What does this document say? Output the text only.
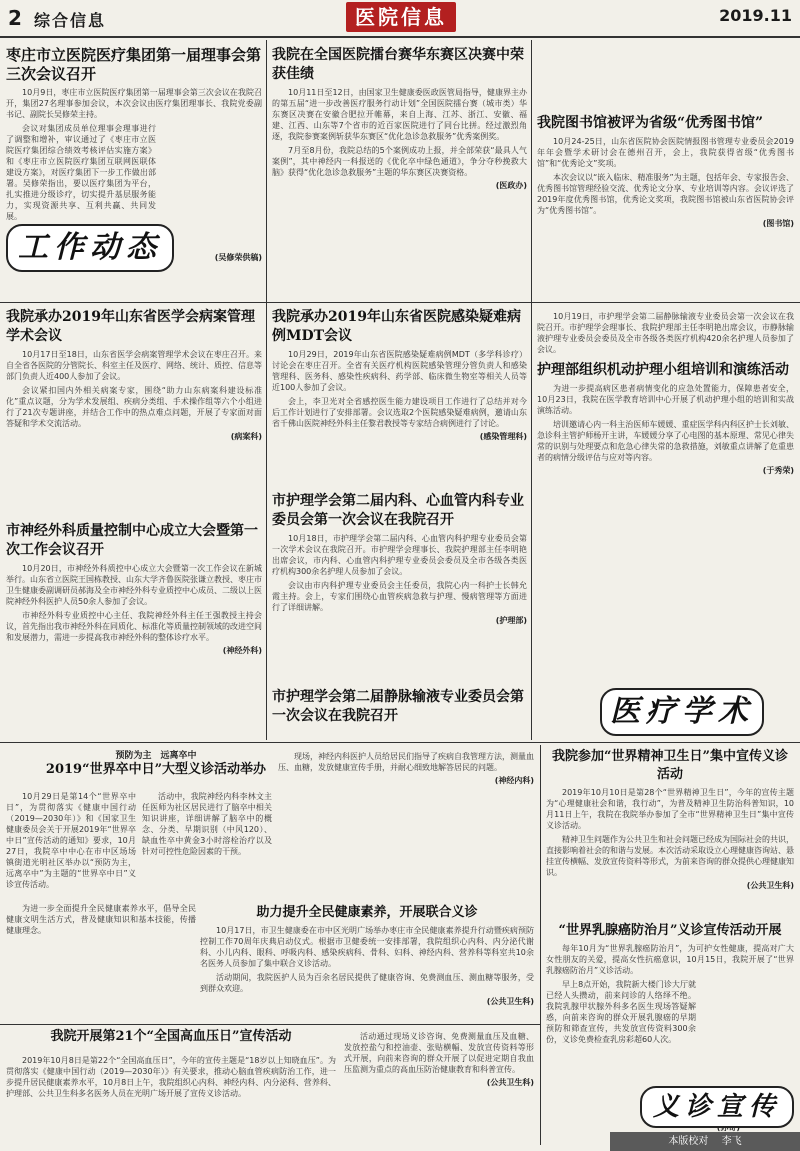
2 综合信息	医院信息	2019.11
枣庄市立医院医疗集团第一届理事会第三次会议召开

10月9日，枣庄市立医院医疗集团第一届理事会第三次会议在我院召开，集团27名理事参加会议，本次会议由医疗集团理事长、我院党委副书记、副院长吴修荣主持。

会议对集团成员单位理事会理事进行了调整和增补，审议通过了《枣庄市立医院医疗集团综合绩效考核评估实施方案》和《枣庄市立医院医疗集团互联网医联体建设方案》，对医疗集团下一步工作做出部署。吴修荣指出，要以医疗集团为平台，扎实推进分级诊疗，切实提升基层服务能力，实现资源共享、互利共赢、共同发展。

(吴修荣供稿)
工作动态
我院承办2019年山东省医学会病案管理学术会议

10月17日至18日，山东省医学会病案管理学术会议在枣庄召开。来自全省各医院的分管院长、科室主任及医疗、网络、统计、质控、信息等部门负责人近400人参加了会议。

会议紧扣国内外相关病案专家，围绕“助力山东病案科建设标准化”重点议题，分为学术发展组、疾病分类组、手术操作组等六个小组进行了21次专题讲座，并结合工作中的热点难点问题，开展了专家面对面答疑和学术交流活动。

(病案科)
市神经外科质量控制中心成立大会暨第一次工作会议召开

10月20日，市神经外科质控中心成立大会暨第一次工作会议在新城举行。山东省立医院王国栋教授、山东大学齐鲁医院张谦立教授、枣庄市卫生健康委副调研员郝海及全市神经外科专业质控中心成员、二级以上医院神经外科医护人员50余人参加了会议。

市神经外科专业质控中心主任、我院神经外科主任王强教授主持会议，首先指出我市神经外科在同质化、标准化等质量控制领域的改进空间和发展潜力，需进一步提高我市神经外科的整体诊疗水平。

(神经外科)
我院在全国医院擂台赛华东赛区决赛中荣获佳绩

10月11日至12日，由国家卫生健康委医政医管局指导，健康界主办的第五届“进一步改善医疗服务行动计划”全国医院擂台赛（城市类）华东赛区决赛在安徽合肥拉开帷幕，来自上海、江苏、浙江、安徽、福建、江西、山东等7个省市的近百家医院进行了同台比拼。经过激烈角逐，我院参赛案例斩获华东赛区“优化急诊急救服务”优秀案例奖。

7月至8月份，我院总结的5个案例成功上报，并全部荣获“最具人气案例”，其中神经内一科报送的《优化卒中绿色通道》，争分夺秒挽救大脑》获得“优化急诊急救服务”主题的华东赛区决赛资格。

(医政办)
我院承办2019年山东省医院感染疑难病例MDT会议

10月29日，2019年山东省医院感染疑难病例MDT（多学科诊疗）讨论会在枣庄召开。全省有关医疗机构医院感染管理分管负责人和感染管理科、医务科、感染性疾病科、药学部、临床微生物室等相关人员等近100人参加了会议。

会上，李卫光对全省感控医生能力建设项目工作进行了总结并对今后工作计划进行了安排部署。会议选取2个医院感染疑难病例，邀请山东省千佛山医院神经外科主任黎君教授等专家结合病例进行了讨论。

(感染管理科)
市护理学会第二届内科、心血管内科专业委员会第一次会议在我院召开

10月18日，市护理学会第二届内科、心血管内科护理专业委员会第一次学术会议在我院召开。市护理学会理事长、我院护理部主任李明艳出席会议，市内科、心血管内科护理专业委员会委员及全市各级各类医疗机构300余名护理人员参加了会议。

会议由市内科护理专业委员会主任委员，我院心内一科护士长韩允霞主持。会上，专家们围绕心血管疾病急救与护理、慢病管理等方面进行了详细讲解。

(护理部)
市护理学会第二届静脉输液专业委员会第一次会议在我院召开
我院图书馆被评为省级“优秀图书馆”

10月24-25日，山东省医院协会医院情报图书管理专业委员会2019年年会暨学术研讨会在德州召开，会上，我院获得省级“优秀图书馆”和“优秀论文”奖项。

本次会议以“嵌入临床、精准服务”为主题，包括年会、专家报告会、优秀图书馆管理经验交流、优秀论文分享、专业培训等内容。会议评选了2019年度优秀图书馆，优秀论文奖项，我院图书馆被山东省医院协会评为“优秀图书馆”。

(图书馆)

10月19日，市护理学会第二届静脉输液专业委员会第一次会议在我院召开。市护理学会理事长、我院护理部主任李明艳出席会议，市静脉输液护理专业委员会委员及全市各级各类医疗机构420余名护理人员参加了会议。

护理部组织机动护理小组培训和演练活动

为进一步提高病区患者病情变化的应急处置能力，保障患者安全，10月23日，我院在医学教育培训中心开展了机动护理小组的培训和实战演练活动。

培训邀请心内一科主治医师车媛媛、重症医学科内科区护士长刘敏、急诊科主管护师杨开主讲，车媛媛分享了心电图的基本原理、常见心律失常的识别与处理要点和危急心律失常的急救措施，刘敏重点讲解了危重患者的病情分级评估与应对等内容。

(于秀荣)
医疗学术
预防为主　远离卒中
2019“世界卒中日”大型义诊活动举办

10月29日是第14个“世界卒中日”，为贯彻落实《健康中国行动（2019—2030年）》和《国家卫生健康委员会关于开展2019年“世界卒中日”宣传活动的通知》要求，10月27日，我院卒中中心在市中区场场镇街道光明社区举办以“预防为主，远离卒中”为主题的“世界卒中日”义诊宣传活动。

活动中，我院神经内科李林文主任医师为社区居民进行了脑卒中相关知识讲座，详细讲解了脑卒中的概念、分类、早期识别（中风120）、缺血性卒中黄金3小时溶栓治疗以及针对可控性危险因素的干预。

现场，神经内科医护人员给居民们指导了疾病自我管理方法，测量血压、血糖，发放健康宣传手册，并耐心细致地解答居民的问题。

(神经内科)

为进一步全面提升全民健康素养水平，倡导全民健康文明生活方式，普及健康知识和基本技能，传播健康理念。

助力提升全民健康素养，开展联合义诊

10月17日，市卫生健康委在市中区光明广场举办枣庄市全民健康素养提升行动暨疾病预防控制工作70周年庆典启动仪式。根据市卫健委统一安排部署，我院组织心内科、内分泌代谢科、小儿内科、眼科、呼吸内科、感染疾病科、骨科、妇科、神经内科、营养科等科室共10余名医务人员参加了集中联合义诊活动。

活动期间，我院医护人员为百余名居民提供了健康咨询、免费测血压、测血糖等服务，受到群众欢迎。

(公共卫生科)
我院开展第21个“全国高血压日”宣传活动

2019年10月8日是第22个“全国高血压日”，今年的宣传主题是“18岁以上知晓血压”。为贯彻落实《健康中国行动（2019—2030年）》有关要求，推动心脑血管疾病防治工作，进一步提升居民健康素养水平，10月8日上午，我院组织心内科、神经内科、内分泌科、营养科、护理部、公共卫生科多名医务人员在光明广场开展了宣传义诊活动。

活动通过现场义诊咨询、免费测量血压及血糖、发放控盐勺和控油壶、张贴横幅、发放宣传资料等形式开展，向前来咨询的群众开展了以促进定期自我血压监测为重点的高血压防治健康教育和科普宣传。

(公共卫生科)
我院参加“世界精神卫生日”集中宣传义诊活动

2019年10月10日是第28个“世界精神卫生日”，今年的宣传主题为“心理健康社会和谐，我行动”，为普及精神卫生防治科普知识，10月11日上午，我院在我院举办参加了全市“世界精神卫生日”集中宣传义诊活动。

精神卫生问题作为公共卫生和社会问题已经成为国际社会的共识，直接影响着社会的和谐与发展。本次活动采取设立心理健康咨询站、悬挂宣传横幅、发放宣传资料等形式，为前来咨询的群众提供心理健康知识。

(公共卫生科)
“世界乳腺癌防治月”义诊宣传活动开展

每年10月为“世界乳腺癌防治月”，为可护女性健康，提高对广大女性朋友的关爱，提高女性抗癌意识，10月15日，我院开展了“世界乳腺癌防治月”义诊活动。

早上8点开始，我院新大楼门诊大厅就已经人头攒动，前来问诊的人络绎不绝。我院乳腺甲状腺外科多名医生现场答疑解惑，向前来咨询的群众开展乳腺癌的早期预防和筛查宣传，共发放宣传资料300余份，义诊免费检查乳房彩超60人次。

义诊宣传
本版校对 李飞
